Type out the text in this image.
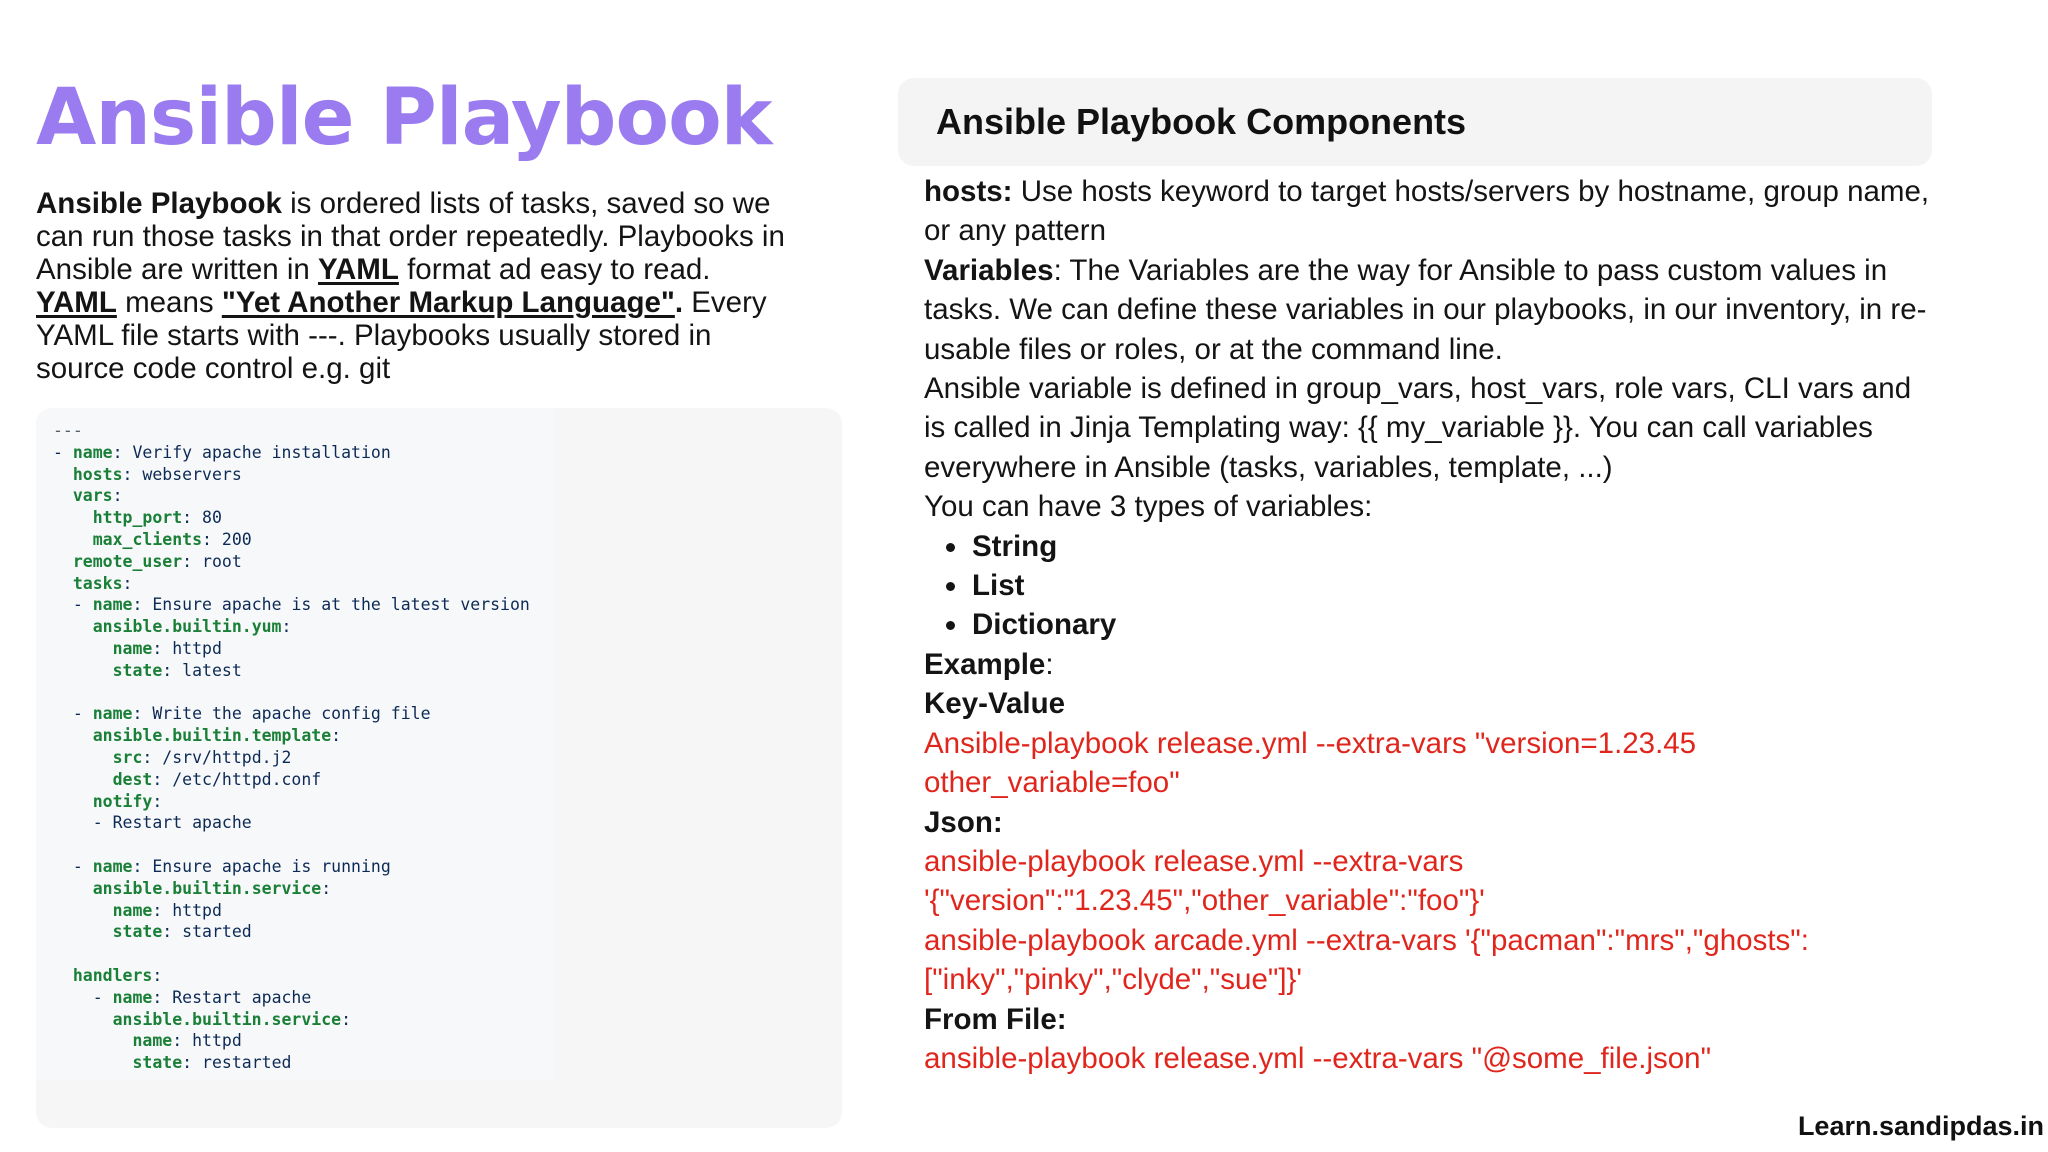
Ansible Playbook
Ansible Playbook is ordered lists of tasks, saved so we can run those tasks in that order repeatedly. Playbooks in Ansible are written in YAML format ad easy to read. YAML means "Yet Another Markup Language". Every YAML file starts with ---. Playbooks usually stored in source code control e.g. git
---
- name: Verify apache installation
hosts: webservers
vars:
http_port: 80
max_clients: 200
remote_user: root
tasks:
- name: Ensure apache is at the latest version
ansible.builtin.yum:
name: httpd
state: latest
- name: Write the apache config file
ansible.builtin.template:
src: /srv/httpd.j2
dest: /etc/httpd.conf
notify:
- Restart apache
- name: Ensure apache is running
ansible.builtin.service:
name: httpd
state: started
handlers:
- name: Restart apache
ansible.builtin.service:
name: httpd
state: restarted
Ansible Playbook Components

hosts: Use hosts keyword to target hosts/servers by hostname, group name, or any pattern

Variables: The Variables are the way for Ansible to pass custom values in tasks. We can define these variables in our playbooks, in our inventory, in re-usable files or roles, or at the command line.

Ansible variable is defined in group_vars, host_vars, role vars, CLI vars and is called in Jinja Templating way: {{ my_variable }}. You can call variables everywhere in Ansible (tasks, variables, template, ...)

You can have 3 types of variables:

String
List
Dictionary

Example:

Key-Value

Ansible-playbook release.yml --extra-vars "version=1.23.45 other_variable=foo"

Json:

ansible-playbook release.yml --extra-vars '{"version":"1.23.45","other_variable":"foo"}'

ansible-playbook arcade.yml --extra-vars '{"pacman":"mrs","ghosts":["inky","pinky","clyde","sue"]}'

From File:

ansible-playbook release.yml --extra-vars "@some_file.json"

Learn.sandipdas.in
